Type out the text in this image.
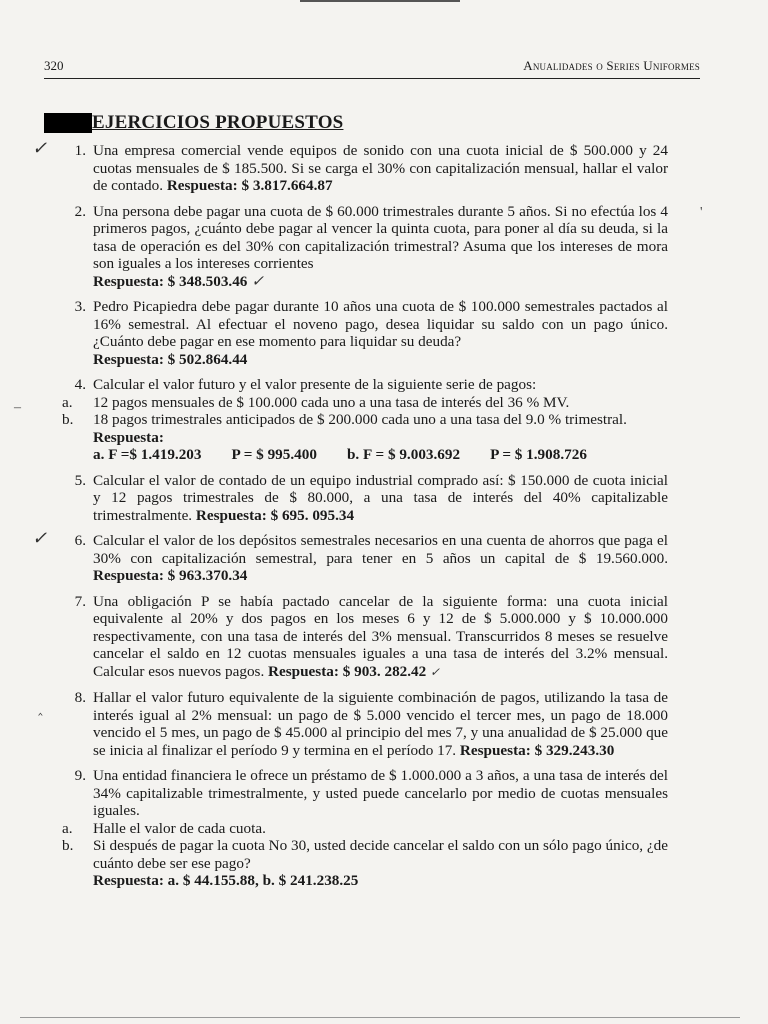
320	Anualidades o Series Uniformes
EJERCICIOS PROPUESTOS
✓ 1. Una empresa comercial vende equipos de sonido con una cuota inicial de $ 500.000 y 24 cuotas mensuales de $ 185.500. Si se carga el 30% con capitalización mensual, hallar el valor de contado. Respuesta: $ 3.817.664.87
2. Una persona debe pagar una cuota de $ 60.000 trimestrales durante 5 años. Si no efectúa los 4 primeros pagos, ¿cuánto debe pagar al vencer la quinta cuota, para poner al día su deuda, si la tasa de operación es del 30% con capitalización trimestral? Asuma que los intereses de mora son iguales a los intereses corrientes
Respuesta: $ 348.503.46 ✓
3. Pedro Picapiedra debe pagar durante 10 años una cuota de $ 100.000 semestrales pactados al 16% semestral. Al efectuar el noveno pago, desea liquidar su saldo con un pago único. ¿Cuánto debe pagar en ese momento para liquidar su deuda?
Respuesta: $ 502.864.44
4. Calcular el valor futuro y el valor presente de la siguiente serie de pagos:
a.	12 pagos mensuales de $ 100.000 cada uno a una tasa de interés del 36 % MV.
b.	18 pagos trimestrales anticipados de $ 200.000 cada uno a una tasa del 9.0 % trimestral.
Respuesta:
a. F =$ 1.419.203 P = $ 995.400 b. F = $ 9.003.692 P = $ 1.908.726
5. Calcular el valor de contado de un equipo industrial comprado así: $ 150.000 de cuota inicial y 12 pagos trimestrales de $ 80.000, a una tasa de interés del 40% capitalizable trimestralmente. Respuesta: $ 695. 095.34
✓ 6. Calcular el valor de los depósitos semestrales necesarios en una cuenta de ahorros que paga el 30% con capitalización semestral, para tener en 5 años un capital de $ 19.560.000. Respuesta: $ 963.370.34
7. Una obligación P se había pactado cancelar de la siguiente forma: una cuota inicial equivalente al 20% y dos pagos en los meses 6 y 12 de $ 5.000.000 y $ 10.000.000 respectivamente, con una tasa de interés del 3% mensual. Transcurridos 8 meses se resuelve cancelar el saldo en 12 cuotas mensuales iguales a una tasa de interés del 3.2% mensual. Calcular esos nuevos pagos. Respuesta: $ 903. 282.42 ✓
8. Hallar el valor futuro equivalente de la siguiente combinación de pagos, utilizando la tasa de interés igual al 2% mensual: un pago de $ 5.000 vencido el tercer mes, un pago de 18.000 vencido el 5 mes, un pago de $ 45.000 al principio del mes 7, y una anualidad de $ 25.000 que se inicia al finalizar el período 9 y termina en el período 17. Respuesta: $ 329.243.30
9. Una entidad financiera le ofrece un préstamo de $ 1.000.000 a 3 años, a una tasa de interés del 34% capitalizable trimestralmente, y usted puede cancelarlo por medio de cuotas mensuales iguales.
a.	Halle el valor de cada cuota.
b.	Si después de pagar la cuota No 30, usted decide cancelar el saldo con un sólo pago único, ¿de cuánto debe ser ese pago?
Respuesta: a. $ 44.155.88, b. $ 241.238.25
–
‸
'
